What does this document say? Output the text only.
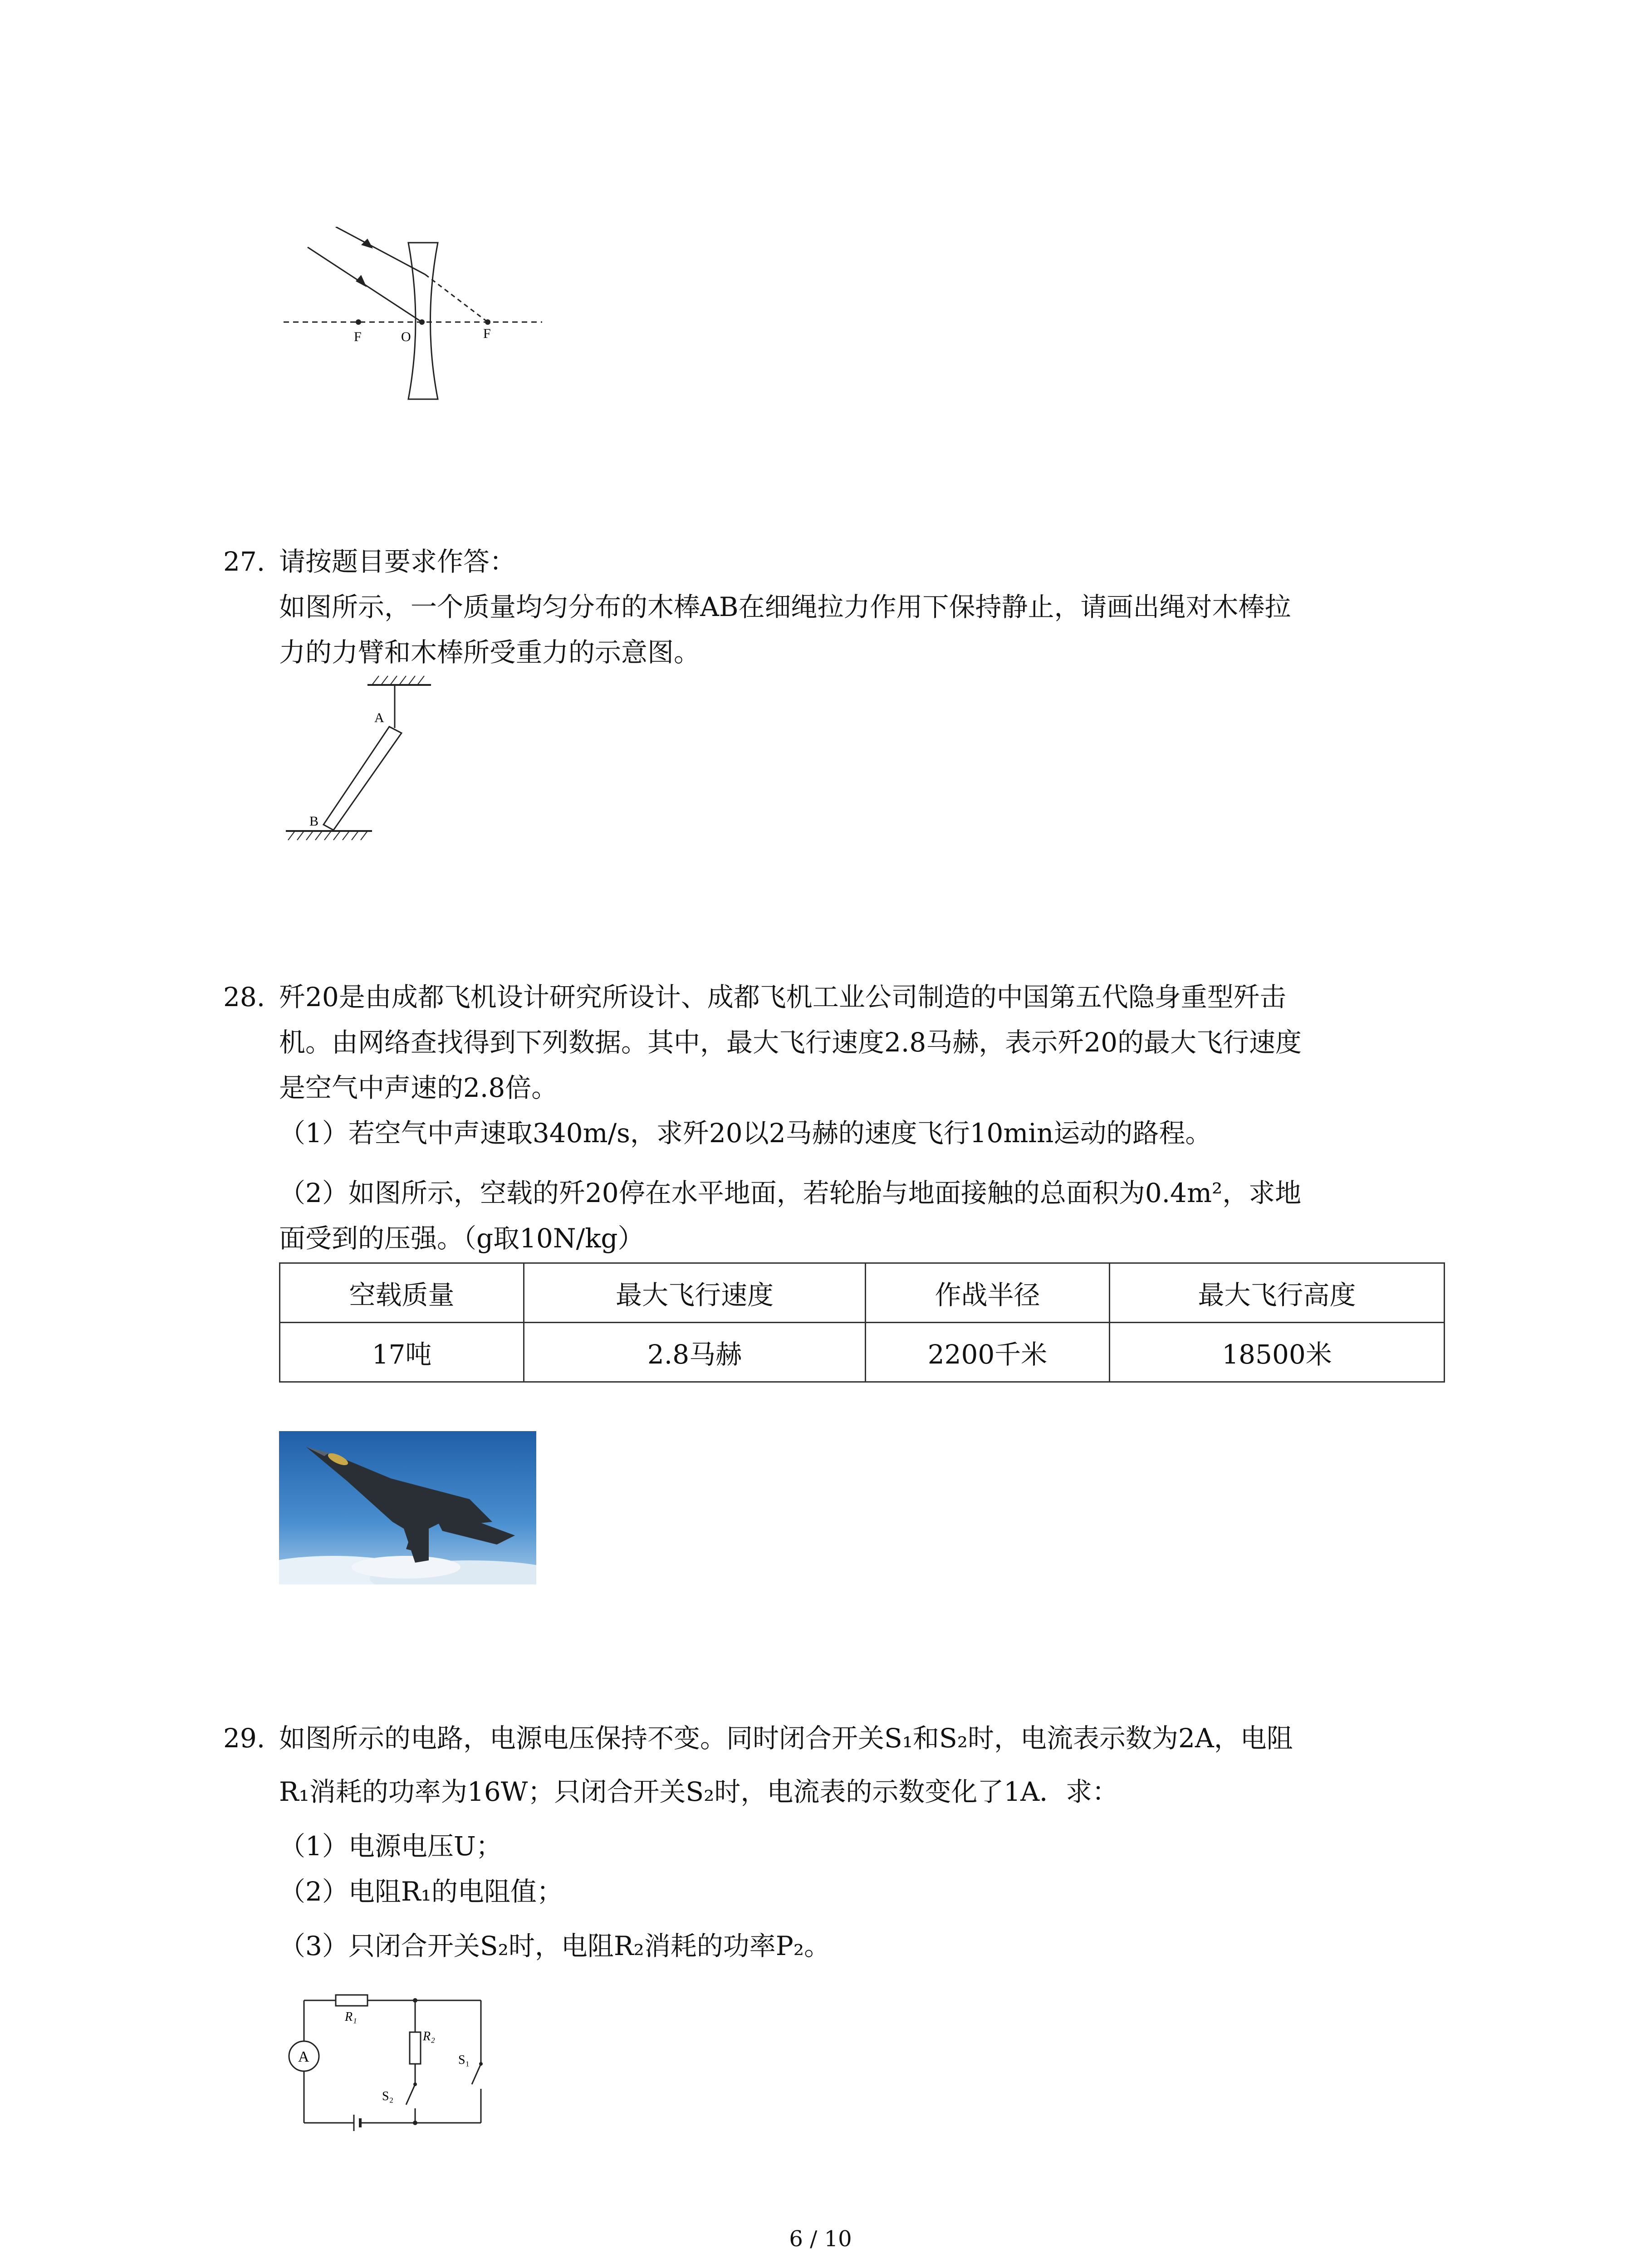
F	O	F
27. 请按题目要求作答：
如图所示，一个质量均匀分布的木棒AB在细绳拉力作用下保持静止，请画出绳对木棒拉
力的力臂和木棒所受重力的示意图。
A
B
28. 歼20是由成都飞机设计研究所设计、成都飞机工业公司制造的中国第五代隐身重型歼击
机。由网络查找得到下列数据。其中，最大飞行速度2.8马赫，表示歼20的最大飞行速度
是空气中声速的2.8倍。
（1）若空气中声速取340m/s，求歼20以2马赫的速度飞行10min运动的路程。
（2）如图所示，空载的歼20停在水平地面，若轮胎与地面接触的总面积为0.4m²，求地
面受到的压强。（g取10N/kg）
空载质量	最大飞行速度	作战半径	最大飞行高度
17吨	2.8马赫	2200千米	18500米
29. 如图所示的电路，电源电压保持不变。同时闭合开关S₁和S₂时，电流表示数为2A，电阻
R₁消耗的功率为16W；只闭合开关S₂时，电流表的示数变化了1A．求：
（1）电源电压U；
（2）电阻R₁的电阻值；
（3）只闭合开关S₂时，电阻R₂消耗的功率P₂。
A
R₁
R₂
S₁
S₂
6 / 10
